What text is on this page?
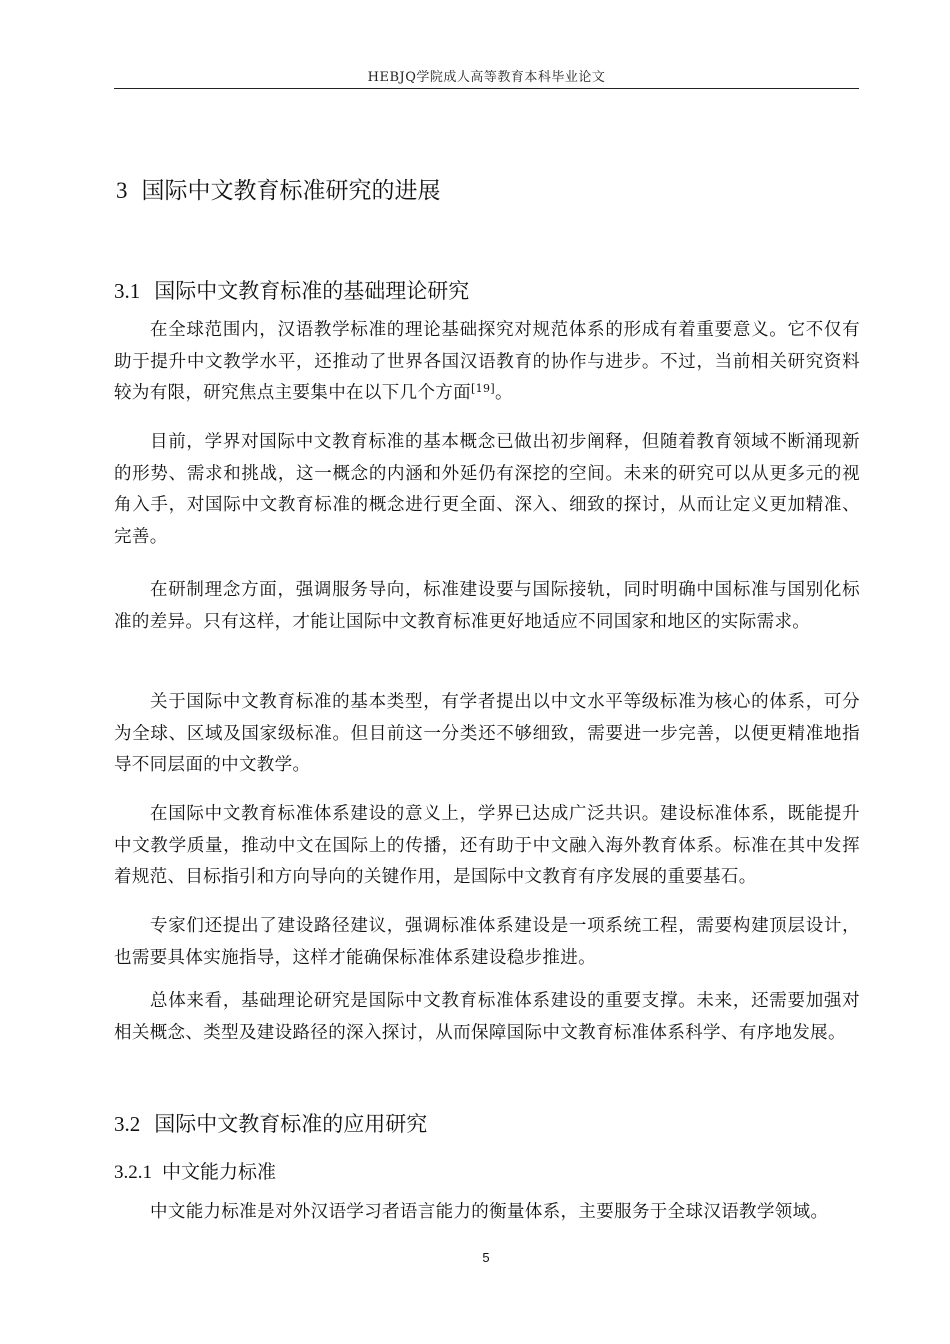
HEBJQ学院成人高等教育本科毕业论文
3 国际中文教育标准研究的进展
3.1 国际中文教育标准的基础理论研究

在全球范围内，汉语教学标准的理论基础探究对规范体系的形成有着重要意义。它不仅有助于提升中文教学水平，还推动了世界各国汉语教育的协作与进步。不过，当前相关研究资料较为有限，研究焦点主要集中在以下几个方面[19]。

目前，学界对国际中文教育标准的基本概念已做出初步阐释，但随着教育领域不断涌现新的形势、需求和挑战，这一概念的内涵和外延仍有深挖的空间。未来的研究可以从更多元的视角入手，对国际中文教育标准的概念进行更全面、深入、细致的探讨，从而让定义更加精准、完善。

在研制理念方面，强调服务导向，标准建设要与国际接轨，同时明确中国标准与国别化标准的差异。只有这样，才能让国际中文教育标准更好地适应不同国家和地区的实际需求。

关于国际中文教育标准的基本类型，有学者提出以中文水平等级标准为核心的体系，可分为全球、区域及国家级标准。但目前这一分类还不够细致，需要进一步完善，以便更精准地指导不同层面的中文教学。

在国际中文教育标准体系建设的意义上，学界已达成广泛共识。建设标准体系，既能提升中文教学质量，推动中文在国际上的传播，还有助于中文融入海外教育体系。标准在其中发挥着规范、目标指引和方向导向的关键作用，是国际中文教育有序发展的重要基石。

专家们还提出了建设路径建议，强调标准体系建设是一项系统工程，需要构建顶层设计，也需要具体实施指导，这样才能确保标准体系建设稳步推进。

总体来看，基础理论研究是国际中文教育标准体系建设的重要支撑。未来，还需要加强对相关概念、类型及建设路径的深入探讨，从而保障国际中文教育标准体系科学、有序地发展。

3.2 国际中文教育标准的应用研究
3.2.1 中文能力标准

中文能力标准是对外汉语学习者语言能力的衡量体系，主要服务于全球汉语教学领域。

5
